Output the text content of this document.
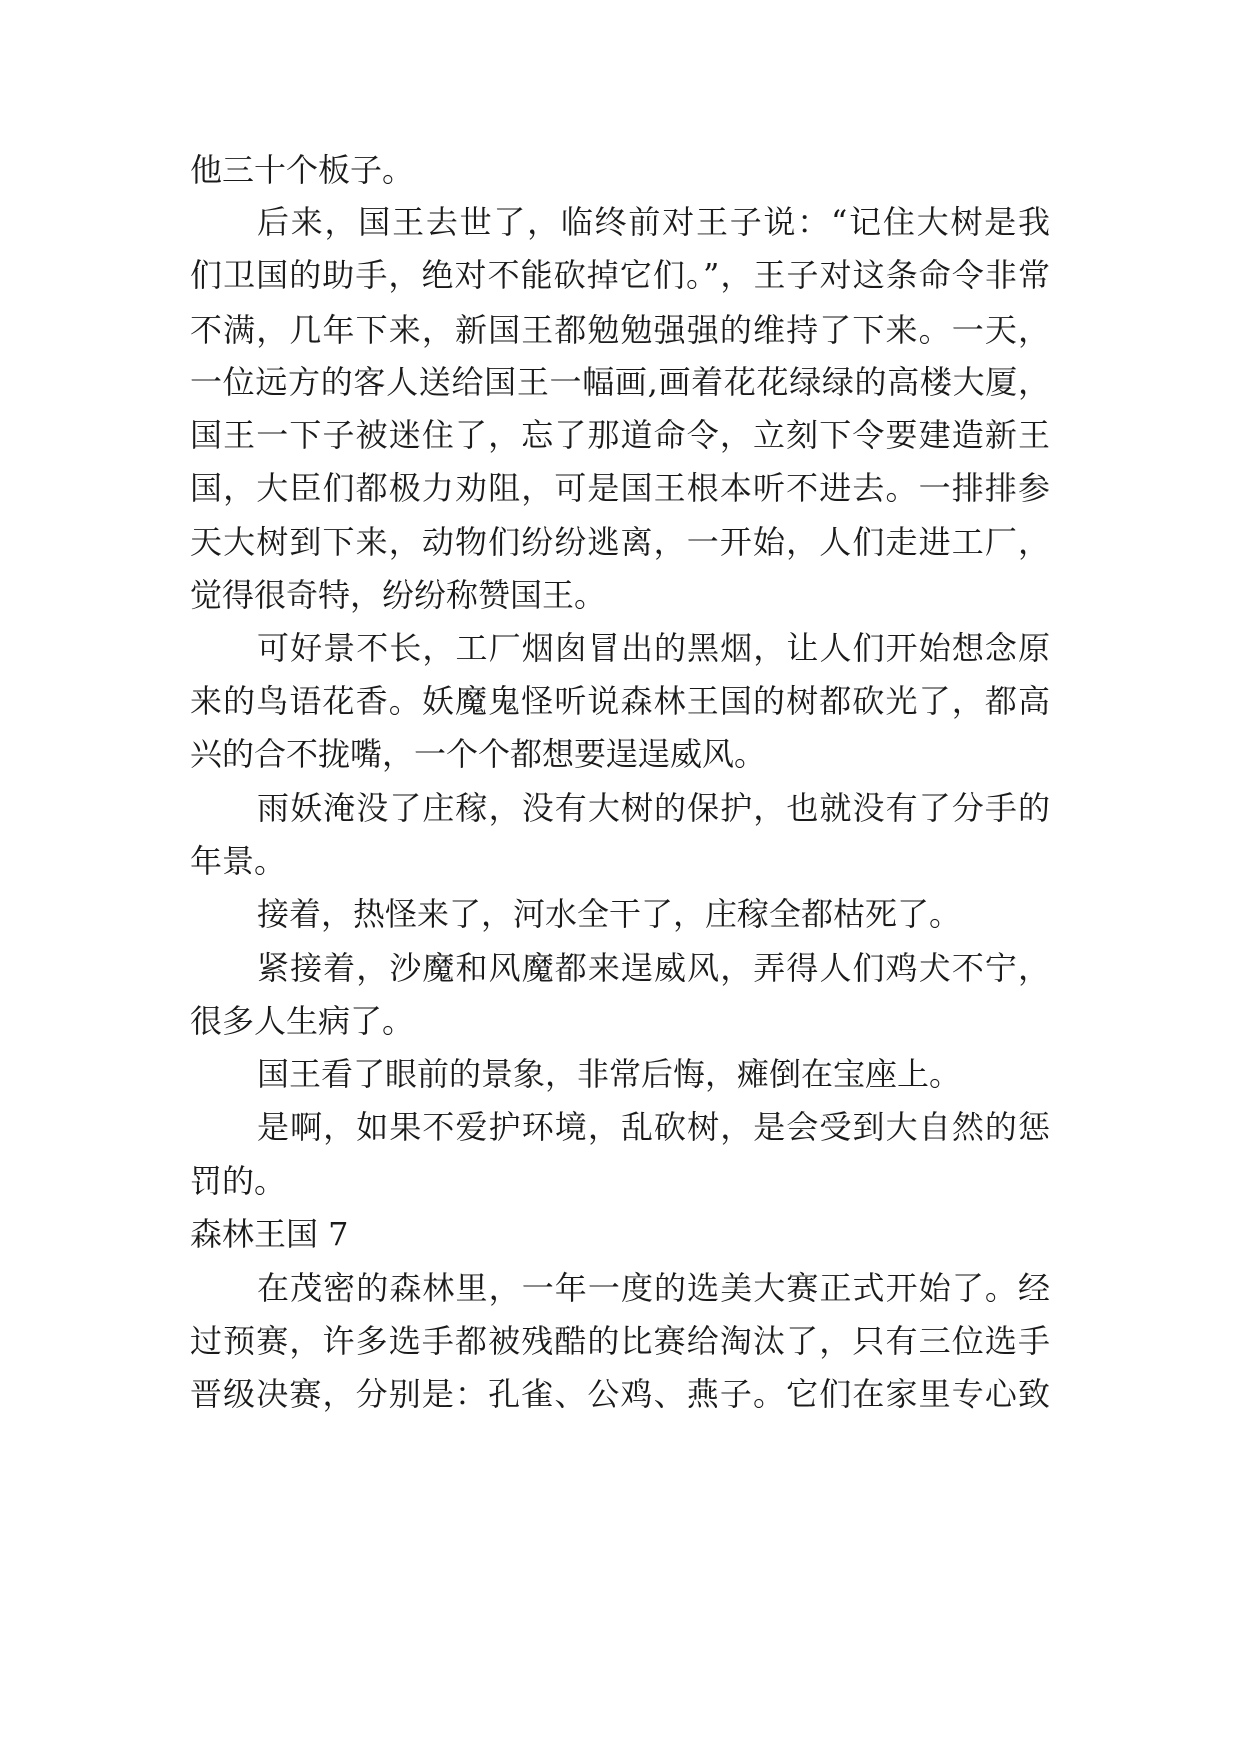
他三十个板子。
后来，国王去世了，临终前对王子说：“记住大树是我
们卫国的助手，绝对不能砍掉它们。”，王子对这条命令非常
不满，几年下来，新国王都勉勉强强的维持了下来。一天，
一位远方的客人送给国王一幅画,画着花花绿绿的高楼大厦，
国王一下子被迷住了，忘了那道命令，立刻下令要建造新王
国，大臣们都极力劝阻，可是国王根本听不进去。一排排参
天大树到下来，动物们纷纷逃离，一开始，人们走进工厂，
觉得很奇特，纷纷称赞国王。
可好景不长，工厂烟囱冒出的黑烟，让人们开始想念原
来的鸟语花香。妖魔鬼怪听说森林王国的树都砍光了，都高
兴的合不拢嘴，一个个都想要逞逞威风。
雨妖淹没了庄稼，没有大树的保护，也就没有了分手的
年景。
接着，热怪来了，河水全干了，庄稼全都枯死了。
紧接着，沙魔和风魔都来逞威风，弄得人们鸡犬不宁，
很多人生病了。
国王看了眼前的景象，非常后悔，瘫倒在宝座上。
是啊，如果不爱护环境，乱砍树，是会受到大自然的惩
罚的。
森林王国 7
在茂密的森林里，一年一度的选美大赛正式开始了。经
过预赛，许多选手都被残酷的比赛给淘汰了，只有三位选手
晋级决赛，分别是：孔雀、公鸡、燕子。它们在家里专心致
